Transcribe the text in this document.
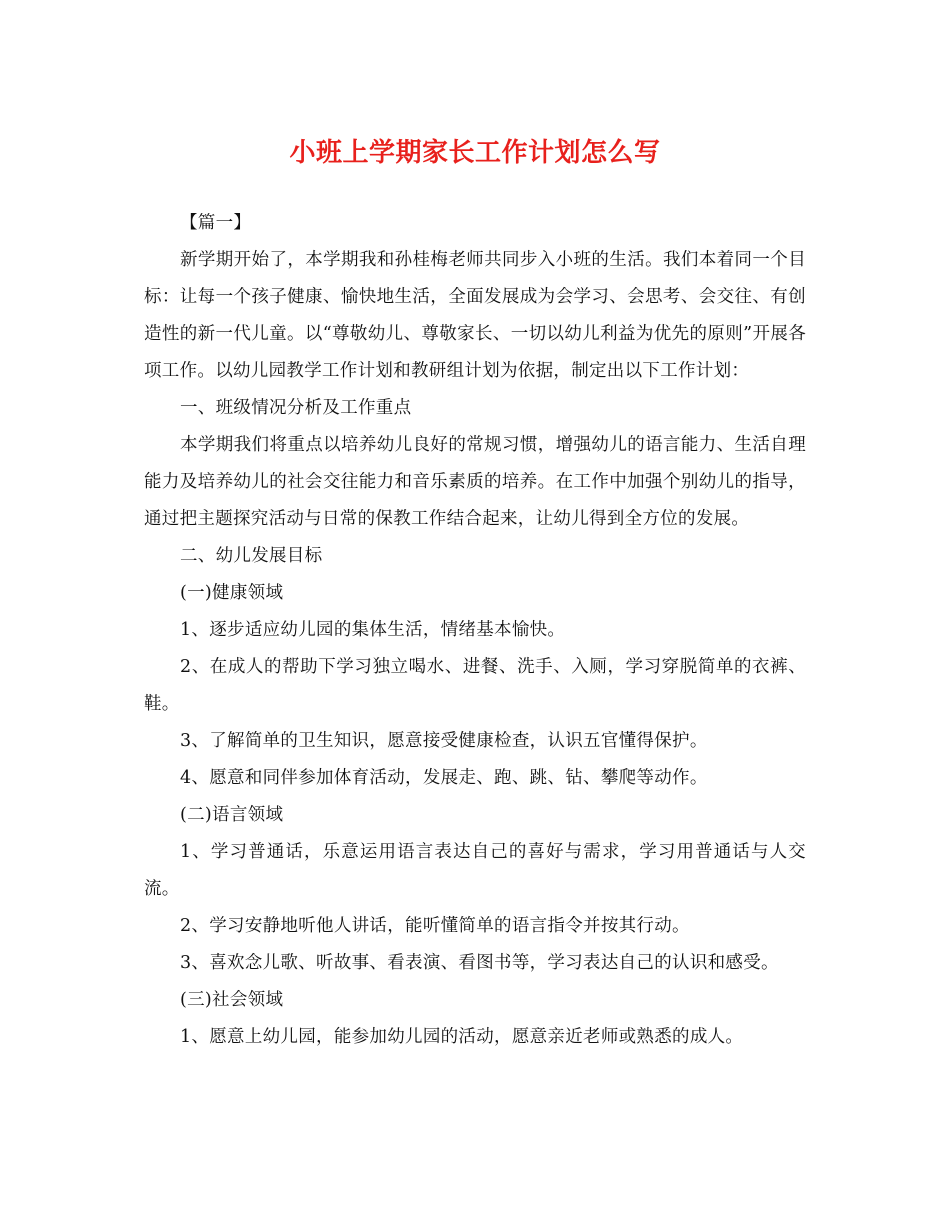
小班上学期家长工作计划怎么写

【篇一】

新学期开始了，本学期我和孙桂梅老师共同步入小班的生活。我们本着同一个目标：让每一个孩子健康、愉快地生活，全面发展成为会学习、会思考、会交往、有创造性的新一代儿童。以“尊敬幼儿、尊敬家长、一切以幼儿利益为优先的原则”开展各项工作。以幼儿园教学工作计划和教研组计划为依据，制定出以下工作计划：

一、班级情况分析及工作重点

本学期我们将重点以培养幼儿良好的常规习惯，增强幼儿的语言能力、生活自理能力及培养幼儿的社会交往能力和音乐素质的培养。在工作中加强个别幼儿的指导，通过把主题探究活动与日常的保教工作结合起来，让幼儿得到全方位的发展。

二、幼儿发展目标

(一)健康领域

1、逐步适应幼儿园的集体生活，情绪基本愉快。

2、在成人的帮助下学习独立喝水、进餐、洗手、入厕，学习穿脱简单的衣裤、鞋。

3、了解简单的卫生知识，愿意接受健康检查，认识五官懂得保护。

4、愿意和同伴参加体育活动，发展走、跑、跳、钻、攀爬等动作。

(二)语言领域

1、学习普通话，乐意运用语言表达自己的喜好与需求，学习用普通话与人交流。

2、学习安静地听他人讲话，能听懂简单的语言指令并按其行动。

3、喜欢念儿歌、听故事、看表演、看图书等，学习表达自己的认识和感受。

(三)社会领域

1、愿意上幼儿园，能参加幼儿园的活动，愿意亲近老师或熟悉的成人。
